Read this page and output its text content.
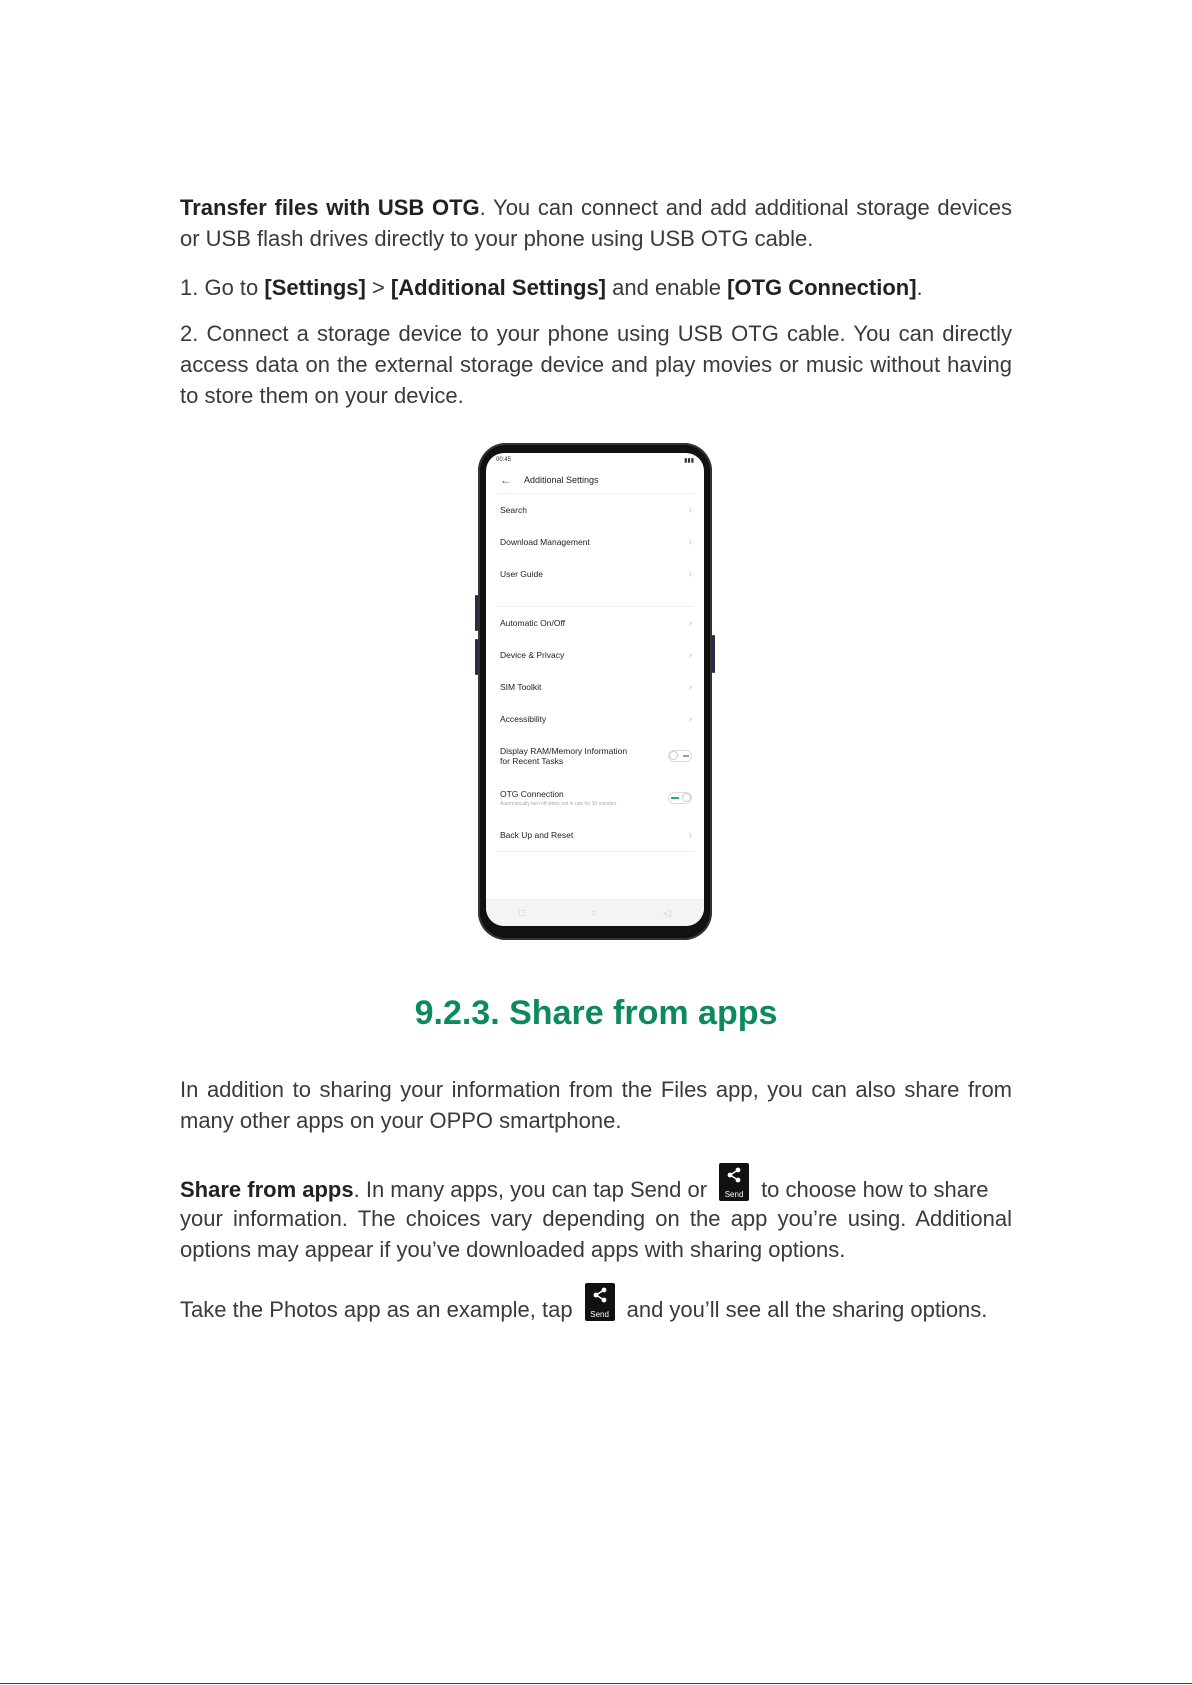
Transfer files with USB OTG. You can connect and add additional storage devices or USB flash drives directly to your phone using USB OTG cable.

1. Go to [Settings] > [Additional Settings] and enable [OTG Connection].

2. Connect a storage device to your phone using USB OTG cable. You can directly access data on the external storage device and play movies or music without having to store them on your device.

00:45	▮▮▮
← Additional Settings
Search	›
Download Management	›
User Guide	›
Automatic On/Off	›
Device & Privacy	›
SIM Toolkit	›
Accessibility	›
Display RAM/Memory Information
for Recent Tasks
OTG Connection
Automatically turn off when not in use for 10 minutes.
Back Up and Reset	›
□	○	◁
9.2.3. Share from apps

In addition to sharing your information from the Files app, you can also share from many other apps on your OPPO smartphone.

Share from apps. In many apps, you can tap Send or	Send to choose how to share

your information. The choices vary depending on the app you’re using. Additional options may appear if you’ve downloaded apps with sharing options.

Take the Photos app as an example, tap	Send and you’ll see all the sharing options.
